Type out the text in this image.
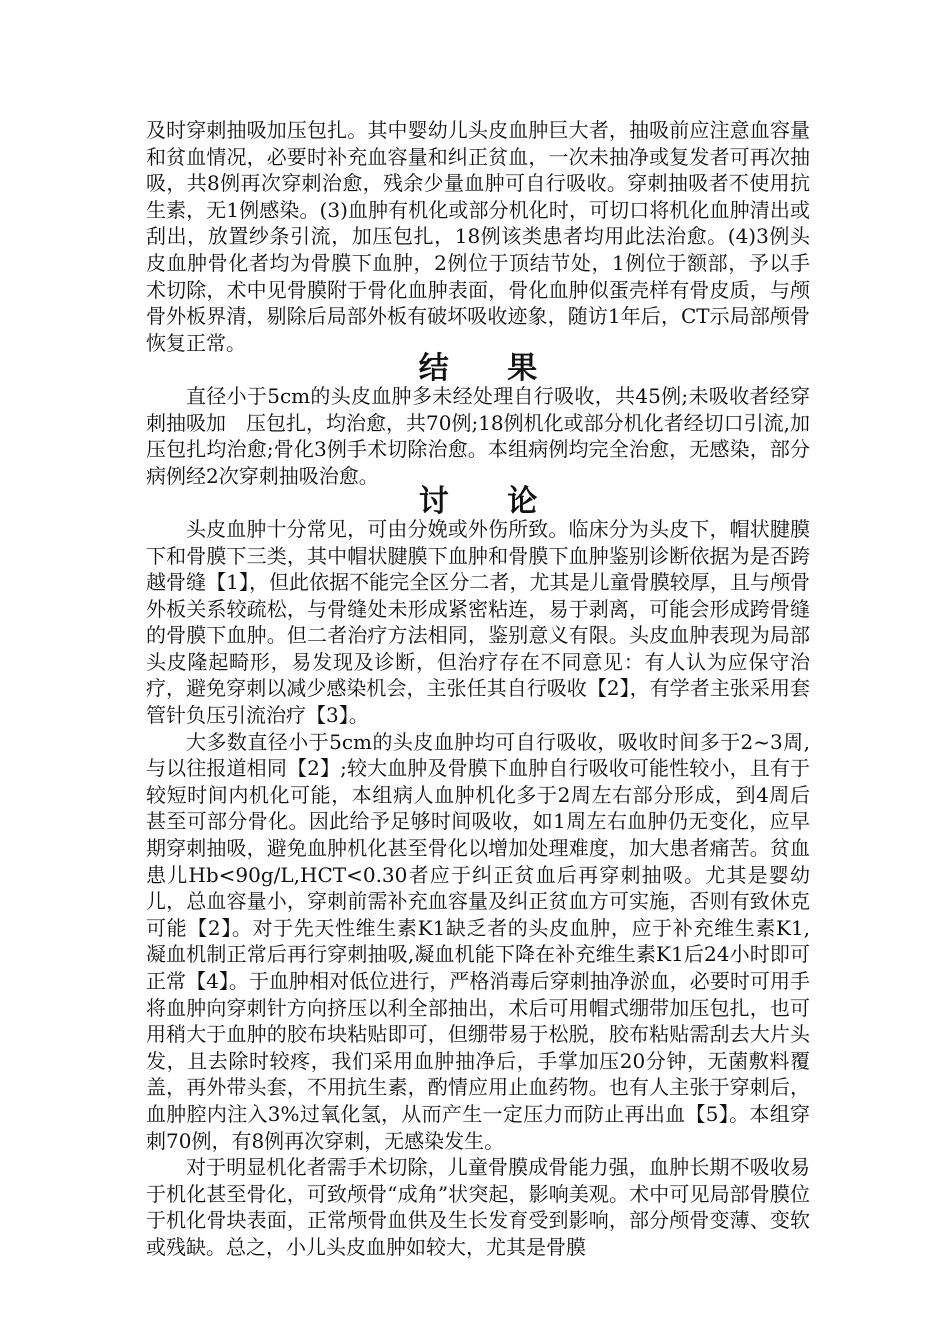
及时穿刺抽吸加压包扎。其中婴幼儿头皮血肿巨大者，抽吸前应注意血容量和贫血情况，必要时补充血容量和纠正贫血，一次未抽净或复发者可再次抽吸，共8例再次穿刺治愈，残余少量血肿可自行吸收。穿刺抽吸者不使用抗生素，无1例感染。(3)血肿有机化或部分机化时，可切口将机化血肿清出或刮出，放置纱条引流，加压包扎，18例该类患者均用此法治愈。(4)3例头皮血肿骨化者均为骨膜下血肿，2例位于顶结节处，1例位于额部，予以手术切除，术中见骨膜附于骨化血肿表面，骨化血肿似蛋壳样有骨皮质，与颅骨外板界清，剔除后局部外板有破坏吸收迹象，随访1年后，CT示局部颅骨恢复正常。

结 果

直径小于5cm的头皮血肿多未经处理自行吸收，共45例;未吸收者经穿刺抽吸加　压包扎，均治愈，共70例;18例机化或部分机化者经切口引流,加压包扎均治愈;骨化3例手术切除治愈。本组病例均完全治愈，无感染，部分病例经2次穿刺抽吸治愈。

讨 论

头皮血肿十分常见，可由分娩或外伤所致。临床分为头皮下，帽状腱膜下和骨膜下三类，其中帽状腱膜下血肿和骨膜下血肿鉴别诊断依据为是否跨越骨缝【1】，但此依据不能完全区分二者，尤其是儿童骨膜较厚，且与颅骨外板关系较疏松，与骨缝处未形成紧密粘连，易于剥离，可能会形成跨骨缝的骨膜下血肿。但二者治疗方法相同，鉴别意义有限。头皮血肿表现为局部头皮隆起畸形，易发现及诊断，但治疗存在不同意见：有人认为应保守治疗，避免穿刺以减少感染机会，主张任其自行吸收【2】，有学者主张采用套管针负压引流治疗【3】。

大多数直径小于5cm的头皮血肿均可自行吸收，吸收时间多于2~3周,与以往报道相同【2】;较大血肿及骨膜下血肿自行吸收可能性较小，且有于较短时间内机化可能，本组病人血肿机化多于2周左右部分形成，到4周后甚至可部分骨化。因此给予足够时间吸收，如1周左右血肿仍无变化，应早期穿刺抽吸，避免血肿机化甚至骨化以增加处理难度，加大患者痛苦。贫血患儿Hb<90g/L,HCT<0.30者应于纠正贫血后再穿刺抽吸。尤其是婴幼儿，总血容量小，穿刺前需补充血容量及纠正贫血方可实施，否则有致休克可能【2】。对于先天性维生素K1缺乏者的头皮血肿，应于补充维生素K1,凝血机制正常后再行穿刺抽吸,凝血机能下降在补充维生素K1后24小时即可正常【4】。于血肿相对低位进行，严格消毒后穿刺抽净淤血，必要时可用手将血肿向穿刺针方向挤压以利全部抽出，术后可用帽式绷带加压包扎，也可用稍大于血肿的胶布块粘贴即可，但绷带易于松脱，胶布粘贴需刮去大片头发，且去除时较疼，我们采用血肿抽净后，手掌加压20分钟，无菌敷料覆盖，再外带头套，不用抗生素，酌情应用止血药物。也有人主张于穿刺后，血肿腔内注入3%过氧化氢，从而产生一定压力而防止再出血【5】。本组穿刺70例，有8例再次穿刺，无感染发生。

对于明显机化者需手术切除，儿童骨膜成骨能力强，血肿长期不吸收易于机化甚至骨化，可致颅骨“成角”状突起，影响美观。术中可见局部骨膜位于机化骨块表面，正常颅骨血供及生长发育受到影响，部分颅骨变薄、变软或残缺。总之，小儿头皮血肿如较大，尤其是骨膜
